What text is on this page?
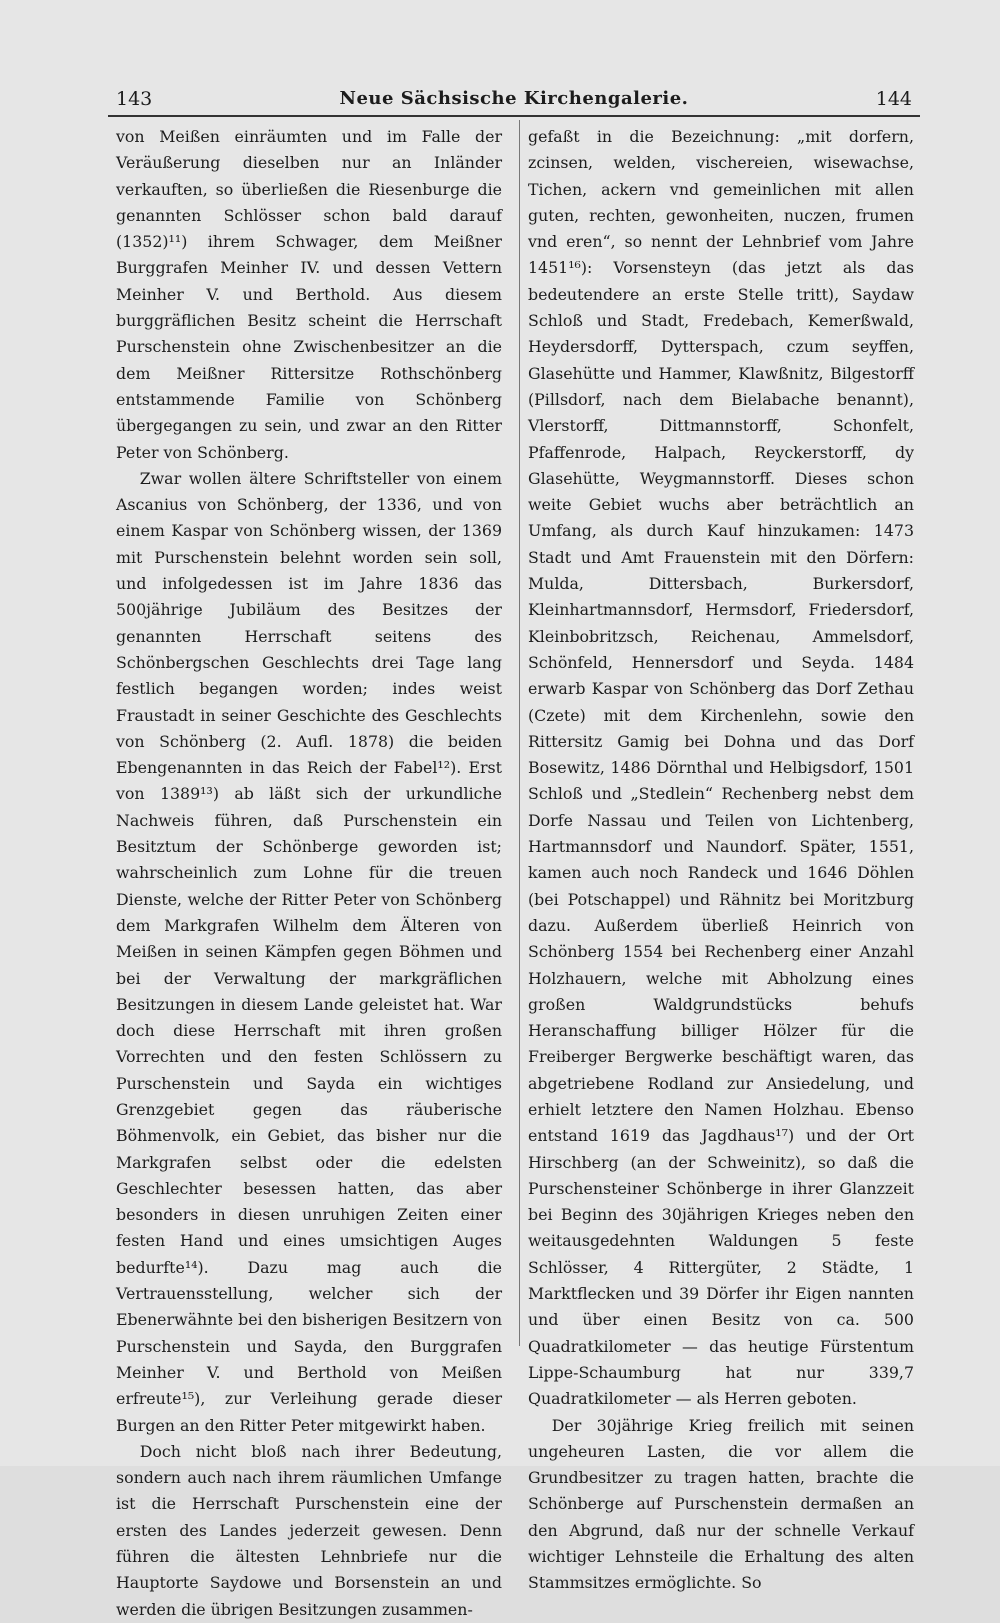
143	Neue Sächsische Kirchengalerie.	144

von Meißen einräumten und im Falle der Veräußerung dieselben nur an Inländer verkauften, so überließen die Riesenburge die genannten Schlösser schon bald darauf (1352)¹¹) ihrem Schwager, dem Meißner Burggrafen Meinher IV. und dessen Vettern Meinher V. und Berthold. Aus diesem burggräflichen Besitz scheint die Herrschaft Purschenstein ohne Zwischenbesitzer an die dem Meißner Rittersitze Rothschönberg entstammende Familie von Schönberg übergegangen zu sein, und zwar an den Ritter Peter von Schönberg.

Zwar wollen ältere Schriftsteller von einem Ascanius von Schönberg, der 1336, und von einem Kaspar von Schönberg wissen, der 1369 mit Purschenstein belehnt worden sein soll, und infolgedessen ist im Jahre 1836 das 500jährige Jubiläum des Besitzes der genannten Herrschaft seitens des Schönbergschen Geschlechts drei Tage lang festlich begangen worden; indes weist Fraustadt in seiner Geschichte des Geschlechts von Schönberg (2. Aufl. 1878) die beiden Ebengenannten in das Reich der Fabel¹²). Erst von 1389¹³) ab läßt sich der urkundliche Nachweis führen, daß Purschenstein ein Besitztum der Schönberge geworden ist; wahrscheinlich zum Lohne für die treuen Dienste, welche der Ritter Peter von Schönberg dem Markgrafen Wilhelm dem Älteren von Meißen in seinen Kämpfen gegen Böhmen und bei der Verwaltung der markgräflichen Besitzungen in diesem Lande geleistet hat. War doch diese Herrschaft mit ihren großen Vorrechten und den festen Schlössern zu Purschenstein und Sayda ein wichtiges Grenzgebiet gegen das räuberische Böhmenvolk, ein Gebiet, das bisher nur die Markgrafen selbst oder die edelsten Geschlechter besessen hatten, das aber besonders in diesen unruhigen Zeiten einer festen Hand und eines umsichtigen Auges bedurfte¹⁴). Dazu mag auch die Vertrauensstellung, welcher sich der Ebenerwähnte bei den bisherigen Besitzern von Purschenstein und Sayda, den Burggrafen Meinher V. und Berthold von Meißen erfreute¹⁵), zur Verleihung gerade dieser Burgen an den Ritter Peter mitgewirkt haben.

Doch nicht bloß nach ihrer Bedeutung, sondern auch nach ihrem räumlichen Umfange ist die Herrschaft Purschenstein eine der ersten des Landes jederzeit gewesen. Denn führen die ältesten Lehnbriefe nur die Hauptorte Saydowe und Borsenstein an und werden die übrigen Besitzungen zusammen-

gefaßt in die Bezeichnung: „mit dorfern, zcinsen, welden, vischereien, wisewachse, Tichen, ackern vnd gemeinlichen mit allen guten, rechten, gewonheiten, nuczen, frumen vnd eren“, so nennt der Lehnbrief vom Jahre 1451¹⁶): Vorsensteyn (das jetzt als das bedeutendere an erste Stelle tritt), Saydaw Schloß und Stadt, Fredebach, Kemerßwald, Heydersdorff, Dytterspach, czum seyffen, Glasehütte und Hammer, Klawßnitz, Bilgestorff (Pillsdorf, nach dem Bielabache benannt), Vlerstorff, Dittmannstorff, Schonfelt, Pfaffenrode, Halpach, Reyckerstorff, dy Glasehütte, Weygmannstorff. Dieses schon weite Gebiet wuchs aber beträchtlich an Umfang, als durch Kauf hinzukamen: 1473 Stadt und Amt Frauenstein mit den Dörfern: Mulda, Dittersbach, Burkersdorf, Kleinhartmannsdorf, Hermsdorf, Friedersdorf, Kleinbobritzsch, Reichenau, Ammelsdorf, Schönfeld, Hennersdorf und Seyda. 1484 erwarb Kaspar von Schönberg das Dorf Zethau (Czete) mit dem Kirchenlehn, sowie den Rittersitz Gamig bei Dohna und das Dorf Bosewitz, 1486 Dörnthal und Helbigsdorf, 1501 Schloß und „Stedlein“ Rechenberg nebst dem Dorfe Nassau und Teilen von Lichtenberg, Hartmannsdorf und Naundorf. Später, 1551, kamen auch noch Randeck und 1646 Döhlen (bei Potschappel) und Rähnitz bei Moritzburg dazu. Außerdem überließ Heinrich von Schönberg 1554 bei Rechenberg einer Anzahl Holzhauern, welche mit Abholzung eines großen Waldgrundstücks behufs Heranschaffung billiger Hölzer für die Freiberger Bergwerke beschäftigt waren, das abgetriebene Rodland zur Ansiedelung, und erhielt letztere den Namen Holzhau. Ebenso entstand 1619 das Jagdhaus¹⁷) und der Ort Hirschberg (an der Schweinitz), so daß die Purschensteiner Schönberge in ihrer Glanzzeit bei Beginn des 30jährigen Krieges neben den weitausgedehnten Waldungen 5 feste Schlösser, 4 Rittergüter, 2 Städte, 1 Marktflecken und 39 Dörfer ihr Eigen nannten und über einen Besitz von ca. 500 Quadratkilometer — das heutige Fürstentum Lippe-Schaumburg hat nur 339,7 Quadratkilometer — als Herren geboten.

Der 30jährige Krieg freilich mit seinen ungeheuren Lasten, die vor allem die Grundbesitzer zu tragen hatten, brachte die Schönberge auf Purschenstein dermaßen an den Abgrund, daß nur der schnelle Verkauf wichtiger Lehnsteile die Erhaltung des alten Stammsitzes ermöglichte. So
